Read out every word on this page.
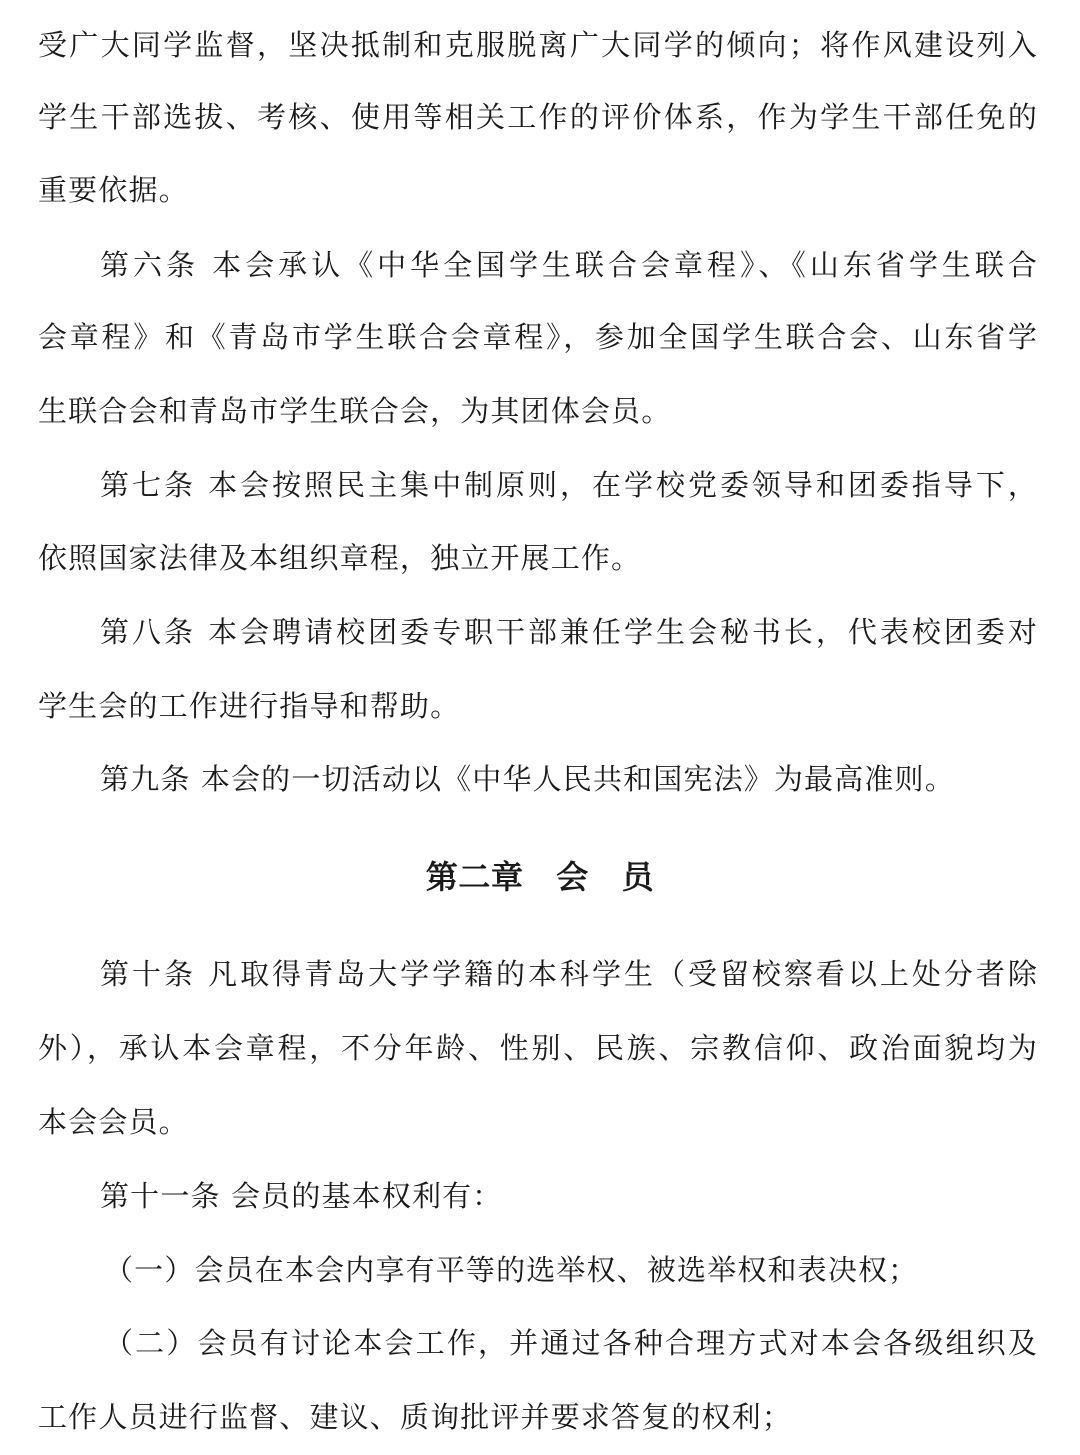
受广大同学监督，坚决抵制和克服脱离广大同学的倾向；将作风建设列入
学生干部选拔、考核、使用等相关工作的评价体系，作为学生干部任免的
重要依据。
第六条 本会承认《中华全国学生联合会章程》、《山东省学生联合
会章程》和《青岛市学生联合会章程》，参加全国学生联合会、山东省学
生联合会和青岛市学生联合会，为其团体会员。
第七条 本会按照民主集中制原则，在学校党委领导和团委指导下，
依照国家法律及本组织章程，独立开展工作。
第八条 本会聘请校团委专职干部兼任学生会秘书长，代表校团委对
学生会的工作进行指导和帮助。
第九条 本会的一切活动以《中华人民共和国宪法》为最高准则。
第二章　会　员
第十条 凡取得青岛大学学籍的本科学生（受留校察看以上处分者除
外），承认本会章程，不分年龄、性别、民族、宗教信仰、政治面貌均为
本会会员。
第十一条 会员的基本权利有：
（一）会员在本会内享有平等的选举权、被选举权和表决权；
（二）会员有讨论本会工作，并通过各种合理方式对本会各级组织及
工作人员进行监督、建议、质询批评并要求答复的权利；
